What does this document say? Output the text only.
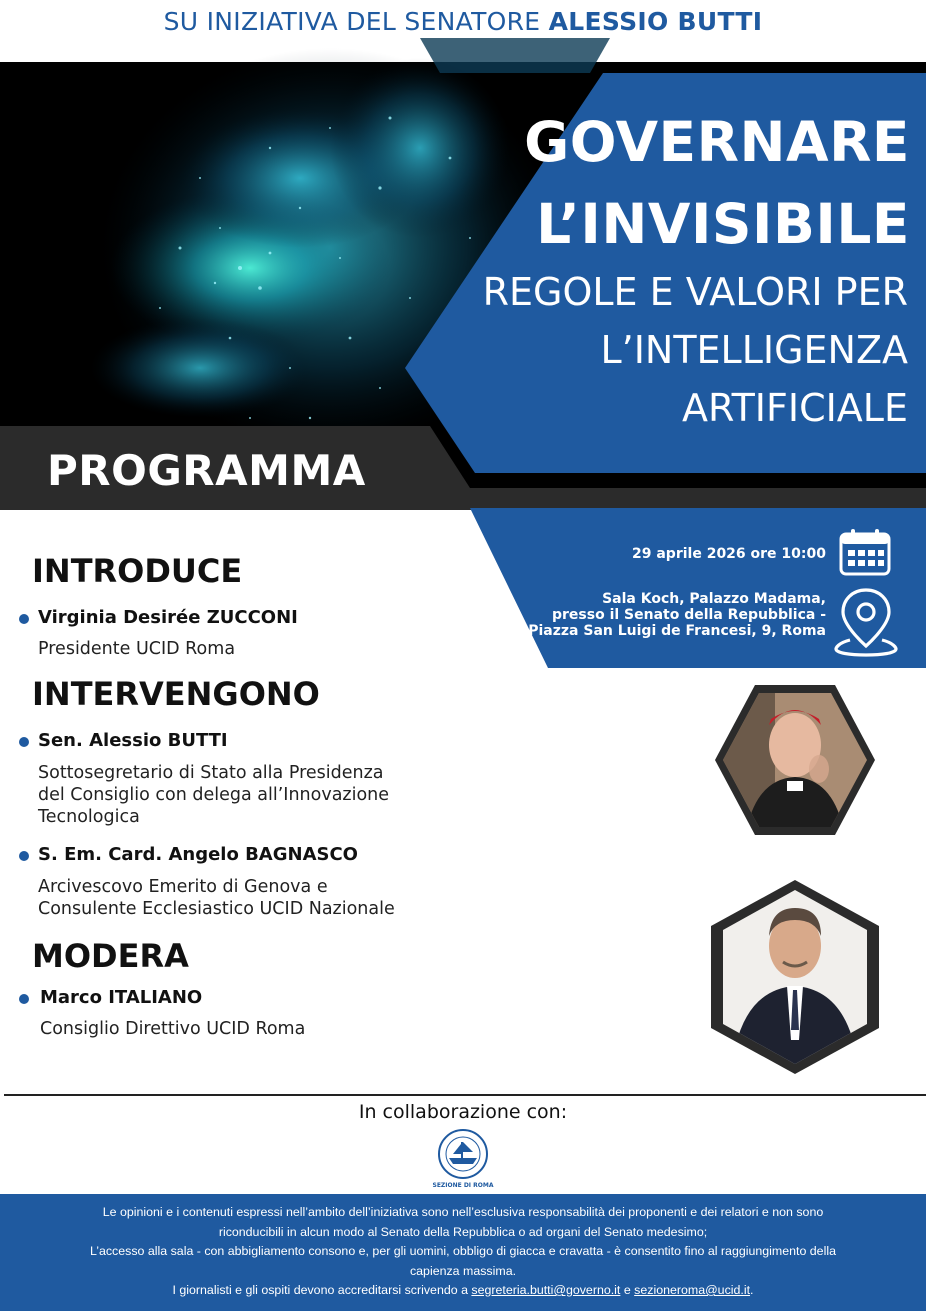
SU INIZIATIVA DEL SENATORE ALESSIO BUTTI
GOVERNARE
L’INVISIBILE
REGOLE E VALORI PER
L’INTELLIGENZA
ARTIFICIALE
PROGRAMMA
29 aprile 2026 ore 10:00
Sala Koch, Palazzo Madama,
presso il Senato della Repubblica -
Piazza San Luigi de Francesi, 9, Roma
INTRODUCE
Virginia Desirée ZUCCONI
Presidente UCID Roma
INTERVENGONO
Sen. Alessio BUTTI
Sottosegretario di Stato alla Presidenza
del Consiglio con delega all’Innovazione
Tecnologica
S. Em. Card. Angelo BAGNASCO
Arcivescovo Emerito di Genova e
Consulente Ecclesiastico UCID Nazionale
MODERA
Marco ITALIANO
Consiglio Direttivo UCID Roma
In collaborazione con:
SEZIONE DI ROMA
Le opinioni e i contenuti espressi nell’ambito dell’iniziativa sono nell’esclusiva responsabilità dei proponenti e dei relatori e non sono
riconducibili in alcun modo al Senato della Repubblica o ad organi del Senato medesimo;
L’accesso alla sala - con abbigliamento consono e, per gli uomini, obbligo di giacca e cravatta - è consentito fino al raggiungimento della
capienza massima.
I giornalisti e gli ospiti devono accreditarsi scrivendo a segreteria.butti@governo.it e sezioneroma@ucid.it.
